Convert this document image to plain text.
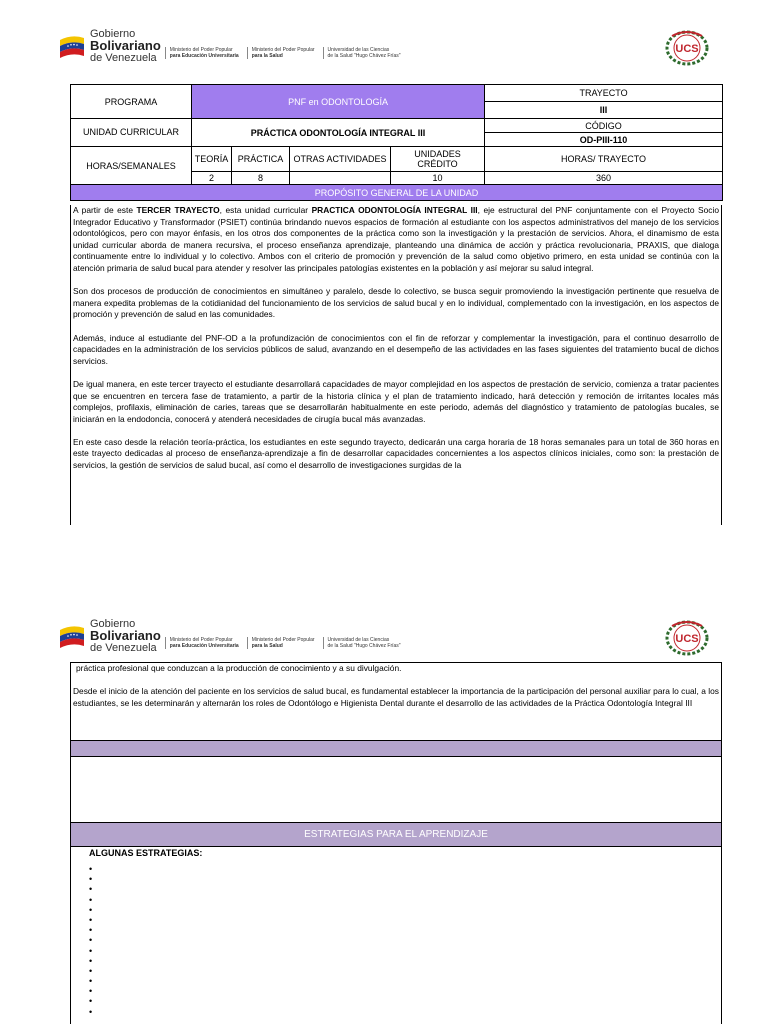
Gobierno
Bolivariano
de Venezuela
Ministerio del Poder Popular
para Educación Universitaria
Ministerio del Poder Popular
para la Salud
Universidad de las Ciencias
de la Salud "Hugo Chávez Frías"
UCS
PROGRAMA	PNF en ODONTOLOGÍA				TRAYECTO
					III
UNIDAD CURRICULAR	PRÁCTICA ODONTOLOGÍA INTEGRAL III				CÓDIGO
					OD-PIII-110
HORAS/SEMANALES	TEORÍA	PRÁCTICA	OTRAS ACTIVIDADES	UNIDADES CRÉDITO	HORAS/ TRAYECTO
	2	8		10	360
PROPÓSITO GENERAL DE LA UNIDAD					

A partir de este TERCER TRAYECTO, esta unidad curricular PRACTICA ODONTOLOGÍA INTEGRAL III, eje estructural del PNF conjuntamente con el Proyecto Socio Integrador Educativo y Transformador (PSIET) continúa brindando nuevos espacios de formación al estudiante con los aspectos administrativos del manejo de los servicios odontológicos, pero con mayor énfasis, en los otros dos componentes de la práctica como son la investigación y la prestación de servicios. Ahora, el dinamismo de esta unidad curricular aborda de manera recursiva, el proceso enseñanza aprendizaje, planteando una dinámica de acción y práctica revolucionaria, PRAXIS, que dialoga continuamente entre lo individual y lo colectivo. Ambos con el criterio de promoción y prevención de la salud como objetivo primero, en esta unidad se continúa con la atención primaria de salud bucal para atender y resolver las principales patologías existentes en la población y así mejorar su salud integral.

Son dos procesos de producción de conocimientos en simultáneo y paralelo, desde lo colectivo, se busca seguir promoviendo la investigación pertinente que resuelva de manera expedita problemas de la cotidianidad del funcionamiento de los servicios de salud bucal y en lo individual, complementado con la investigación, en los aspectos de promoción y prevención de salud en las comunidades.

Además, induce al estudiante del PNF-OD a la profundización de conocimientos con el fin de reforzar y complementar la investigación, para el continuo desarrollo de capacidades en la administración de los servicios públicos de salud, avanzando en el desempeño de las actividades en las fases siguientes del tratamiento bucal de dichos servicios.

De igual manera, en este tercer trayecto el estudiante desarrollará capacidades de mayor complejidad en los aspectos de prestación de servicio, comienza a tratar pacientes que se encuentren en tercera fase de tratamiento, a partir de la historia clínica y el plan de tratamiento indicado, hará detección y remoción de irritantes locales más complejos, profilaxis, eliminación de caries, tareas que se desarrollarán habitualmente en este periodo, además del diagnóstico y tratamiento de patologías bucales, se iniciarán en la endodoncia, conocerá y atenderá necesidades de cirugía bucal más avanzadas.

En este caso desde la relación teoría-práctica, los estudiantes en este segundo trayecto, dedicarán una carga horaria de 18 horas semanales para un total de 360 horas en este trayecto dedicadas al proceso de enseñanza-aprendizaje a fin de desarrollar capacidades concernientes a los aspectos clínicos iniciales, como son: la prestación de servicios, la gestión de servicios de salud bucal, así como el desarrollo de investigaciones surgidas de la

Gobierno
Bolivariano
de Venezuela
Ministerio del Poder Popular
para Educación Universitaria
Ministerio del Poder Popular
para la Salud
Universidad de las Ciencias
de la Salud "Hugo Chávez Frías"
UCS

práctica profesional que conduzcan a la producción de conocimiento y a su divulgación.

Desde el inicio de la atención del paciente en los servicios de salud bucal, es fundamental establecer la importancia de la participación del personal auxiliar para lo cual, a los estudiantes, se les determinarán y alternarán los roles de Odontólogo e Higienista Dental durante el desarrollo de las actividades de la Práctica Odontología Integral III

ESTRATEGIAS PARA EL APRENDIZAJE
ALGUNAS ESTRATEGIAS:
•
•
•
•
•
•
•
•
•
•
•
•
•
•
•
